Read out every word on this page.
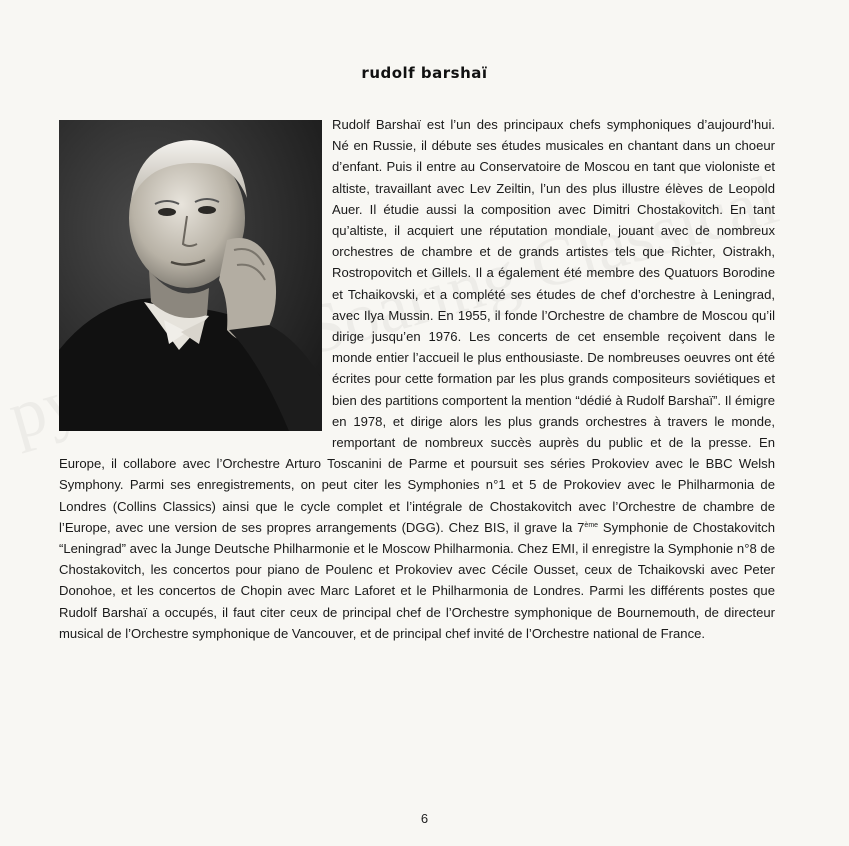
rudolf barshaï

Rudolf Barshaï est l’un des principaux chefs symphoniques d’aujourd’hui. Né en Russie, il débute ses études musicales en chantant dans un choeur d’enfant. Puis il entre au Conservatoire de Moscou en tant que violoniste et altiste, travaillant avec Lev Zeiltin, l’un des plus illustre élèves de Leopold Auer. Il étudie aussi la composition avec Dimitri Chostakovitch. En tant qu’altiste, il acquiert une réputation mondiale, jouant avec de nombreux orchestres de chambre et de grands artistes tels que Richter, Oistrakh, Rostropovitch et Gillels. Il a également été membre des Quatuors Borodine et Tchaikovski, et a complété ses études de chef d’orchestre à Leningrad, avec Ilya Mussin. En 1955, il fonde l’Orchestre de chambre de Moscou qu’il dirige jusqu’en 1976. Les concerts de cet ensemble reçoivent dans le monde entier l’accueil le plus enthousiaste. De nombreuses oeuvres ont été écrites pour cette formation par les plus grands compositeurs soviétiques et bien des partitions comportent la mention “dédié à Rudolf Barshaï”. Il émigre en 1978, et dirige alors les plus grands orchestres à travers le monde, remportant de nombreux succès auprès du public et de la presse. En Europe, il collabore avec l’Orchestre Arturo Toscanini de Parme et poursuit ses séries Prokoviev avec le BBC Welsh Symphony. Parmi ses enregistrements, on peut citer les Symphonies n°1 et 5 de Prokoviev avec le Philharmonia de Londres (Collins Classics) ainsi que le cycle complet et l’intégrale de Chostakovitch avec l’Orchestre de chambre de l’Europe, avec une version de ses propres arrangements (DGG). Chez BIS, il grave la 7ème Symphonie de Chostakovitch “Leningrad” avec la Junge Deutsche Philharmonie et le Moscow Philharmonia. Chez EMI, il enregistre la Symphonie n°8 de Chostakovitch, les concertos pour piano de Poulenc et Prokoviev avec Cécile Ousset, ceux de Tchaikovski avec Peter Donohoe, et les concertos de Chopin avec Marc Laforet et le Philharmonia de Londres. Parmi les différents postes que Rudolf Barshaï a occupés, il faut citer ceux de principal chef de l’Orchestre symphonique de Bournemouth, de directeur musical de l’Orchestre symphonique de Vancouver, et de principal chef invité de l’Orchestre national de France.

6
